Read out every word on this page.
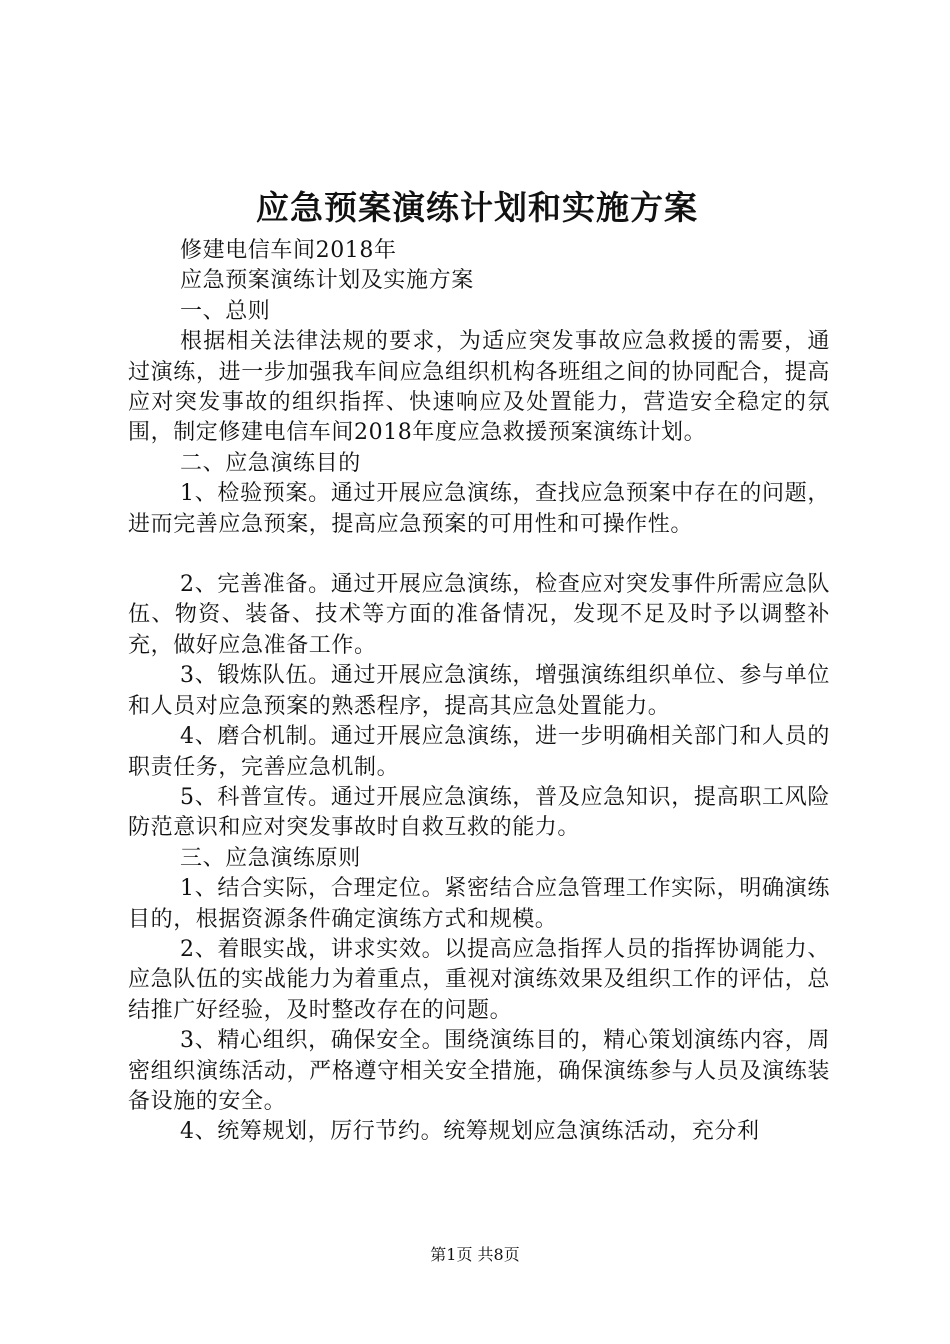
应急预案演练计划和实施方案

修建电信车间2018年

应急预案演练计划及实施方案

一、总则

根据相关法律法规的要求，为适应突发事故应急救援的需要，通过演练，进一步加强我车间应急组织机构各班组之间的协同配合，提高应对突发事故的组织指挥、快速响应及处置能力，营造安全稳定的氛围，制定修建电信车间2018年度应急救援预案演练计划。

二、应急演练目的

1、检验预案。通过开展应急演练，查找应急预案中存在的问题，进而完善应急预案，提高应急预案的可用性和可操作性。

2、完善准备。通过开展应急演练，检查应对突发事件所需应急队伍、物资、装备、技术等方面的准备情况，发现不足及时予以调整补充，做好应急准备工作。

3、锻炼队伍。通过开展应急演练，增强演练组织单位、参与单位和人员对应急预案的熟悉程序，提高其应急处置能力。

4、磨合机制。通过开展应急演练，进一步明确相关部门和人员的职责任务，完善应急机制。

5、科普宣传。通过开展应急演练，普及应急知识，提高职工风险防范意识和应对突发事故时自救互救的能力。

三、应急演练原则

1、结合实际，合理定位。紧密结合应急管理工作实际，明确演练目的，根据资源条件确定演练方式和规模。

2、着眼实战，讲求实效。以提高应急指挥人员的指挥协调能力、应急队伍的实战能力为着重点，重视对演练效果及组织工作的评估，总结推广好经验，及时整改存在的问题。

3、精心组织，确保安全。围绕演练目的，精心策划演练内容，周密组织演练活动，严格遵守相关安全措施，确保演练参与人员及演练装备设施的安全。

4、统筹规划，厉行节约。统筹规划应急演练活动，充分利

第1页 共8页
